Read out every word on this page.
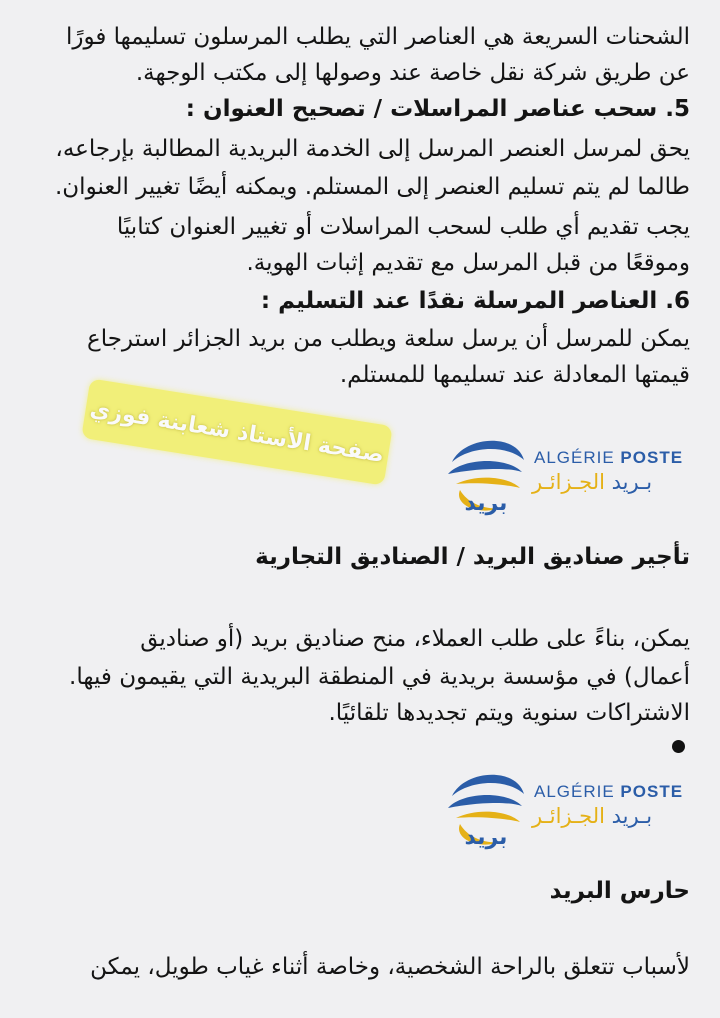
الشحنات السريعة هي العناصر التي يطلب المرسلون تسليمها فورًا
عن طريق شركة نقل خاصة عند وصولها إلى مكتب الوجهة.
5. سحب عناصر المراسلات / تصحيح العنوان :
يحق لمرسل العنصر المرسل إلى الخدمة البريدية المطالبة بإرجاعه،
طالما لم يتم تسليم العنصر إلى المستلم. ويمكنه أيضًا تغيير العنوان.
يجب تقديم أي طلب لسحب المراسلات أو تغيير العنوان كتابيًا
وموقعًا من قبل المرسل مع تقديم إثبات الهوية.
6. العناصر المرسلة نقدًا عند التسليم :
يمكن للمرسل أن يرسل سلعة ويطلب من بريد الجزائر استرجاع
قيمتها المعادلة عند تسليمها للمستلم.
صفحة الأستاذ شعابنة فوزي
بريد
ALGÉRIE POSTE
بـريد الجـزائـر
تأجير صناديق البريد / الصناديق التجارية
يمكن، بناءً على طلب العملاء، منح صناديق بريد (أو صناديق
أعمال) في مؤسسة بريدية في المنطقة البريدية التي يقيمون فيها.
الاشتراكات سنوية ويتم تجديدها تلقائيًا.
بريد
ALGÉRIE POSTE
بـريد الجـزائـر
حارس البريد
لأسباب تتعلق بالراحة الشخصية، وخاصة أثناء غياب طويل، يمكن
